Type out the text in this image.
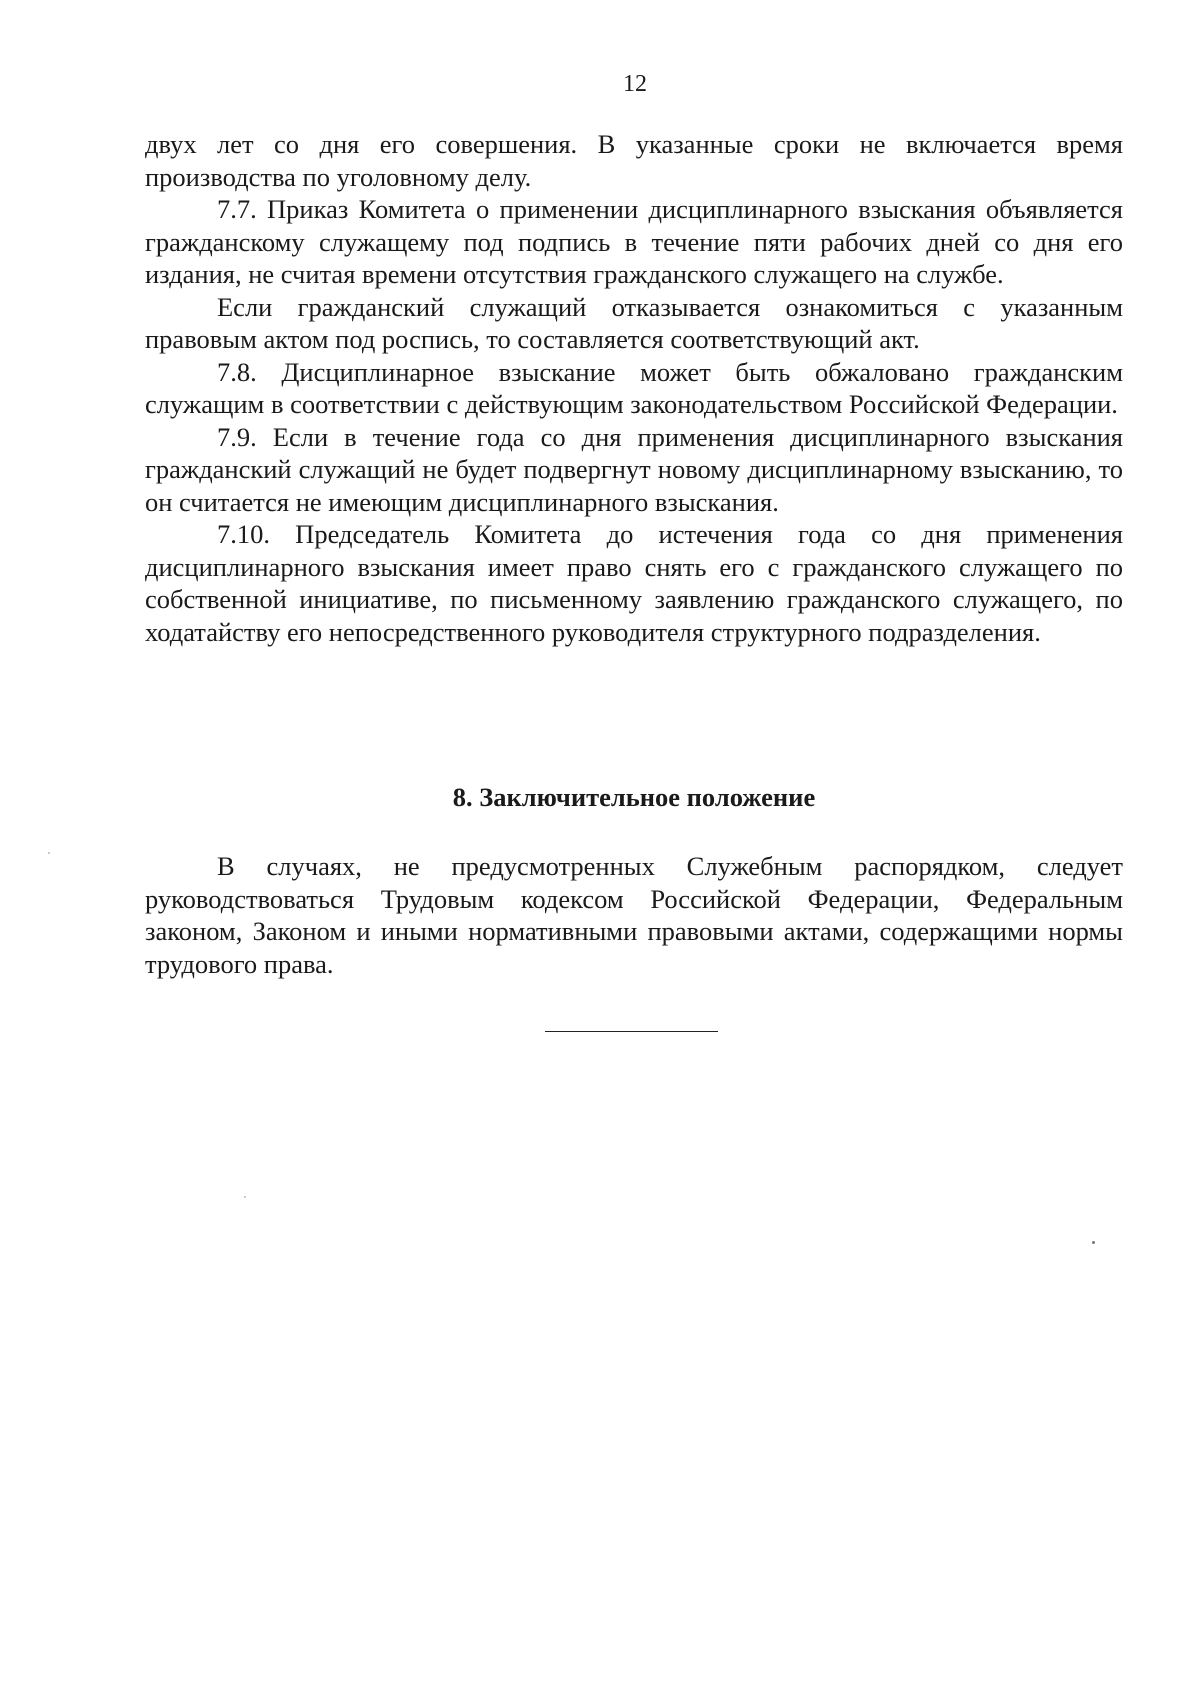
12

двух лет со дня его совершения. В указанные сроки не включается время производства по уголовному делу.

7.7. Приказ Комитета о применении дисциплинарного взыскания объявляется гражданскому служащему под подпись в течение пяти рабочих дней со дня его издания, не считая времени отсутствия гражданского служащего на службе.

Если гражданский служащий отказывается ознакомиться с указанным правовым актом под роспись, то составляется соответствующий акт.

7.8. Дисциплинарное взыскание может быть обжаловано гражданским служащим в соответствии с действующим законодательством Российской Федерации.

7.9. Если в течение года со дня применения дисциплинарного взыскания гражданский служащий не будет подвергнут новому дисциплинарному взысканию, то он считается не имеющим дисциплинарного взыскания.

7.10. Председатель Комитета до истечения года со дня применения дисциплинарного взыскания имеет право снять его с гражданского служащего по собственной инициативе, по письменному заявлению гражданского служащего, по ходатайству его непосредственного руководителя структурного подразделения.

8. Заключительное положение

В случаях, не предусмотренных Служебным распорядком, следует руководствоваться Трудовым кодексом Российской Федерации, Федеральным законом, Законом и иными нормативными правовыми актами, содержащими нормы трудового права.
